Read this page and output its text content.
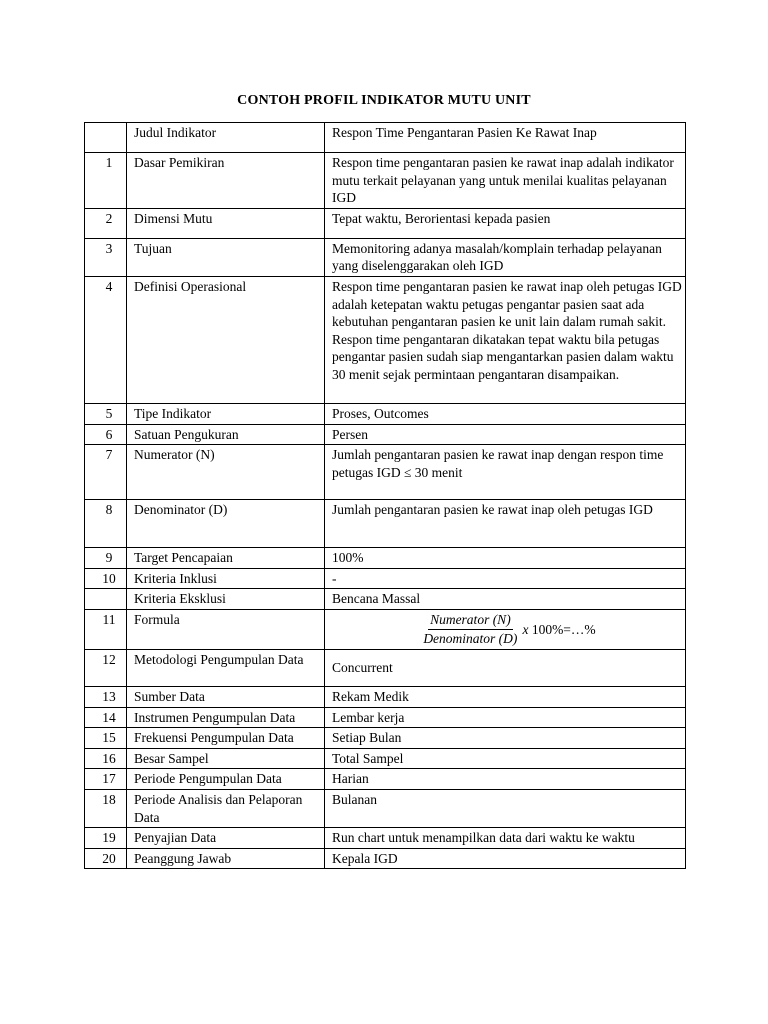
CONTOH PROFIL INDIKATOR MUTU UNIT
	Judul Indikator	Respon Time Pengantaran Pasien Ke Rawat Inap
1	Dasar Pemikiran	Respon time pengantaran pasien ke rawat inap adalah indikator mutu terkait pelayanan yang untuk menilai kualitas pelayanan IGD
2	Dimensi Mutu	Tepat waktu, Berorientasi kepada pasien
3	Tujuan	Memonitoring adanya masalah/komplain terhadap pelayanan yang diselenggarakan oleh IGD
4	Definisi Operasional	Respon time pengantaran pasien ke rawat inap oleh petugas IGD adalah ketepatan waktu petugas pengantar pasien saat ada kebutuhan pengantaran pasien ke unit lain dalam rumah sakit. Respon time pengantaran dikatakan tepat waktu bila petugas pengantar pasien sudah siap mengantarkan pasien dalam waktu 30 menit sejak permintaan pengantaran disampaikan.
5	Tipe Indikator	Proses, Outcomes
6	Satuan Pengukuran	Persen
7	Numerator (N)	Jumlah pengantaran pasien ke rawat inap dengan respon time petugas IGD ≤ 30 menit
8	Denominator (D)	Jumlah pengantaran pasien ke rawat inap oleh petugas IGD
9	Target Pencapaian	100%
10	Kriteria Inklusi	-
	Kriteria Eksklusi	Bencana Massal
11	Formula	$\frac{\text{Numerator (N)}}{\text{Denominator (D)}}$ x 100%=…%

12	Metodologi Pengumpulan Data	Concurrent
13	Sumber Data	Rekam Medik
14	Instrumen Pengumpulan Data	Lembar kerja
15	Frekuensi Pengumpulan Data	Setiap Bulan
16	Besar Sampel	Total Sampel
17	Periode Pengumpulan Data	Harian
18	Periode Analisis dan Pelaporan Data	Bulanan
19	Penyajian Data	Run chart untuk menampilkan data dari waktu ke waktu
20	Peanggung Jawab	Kepala IGD
